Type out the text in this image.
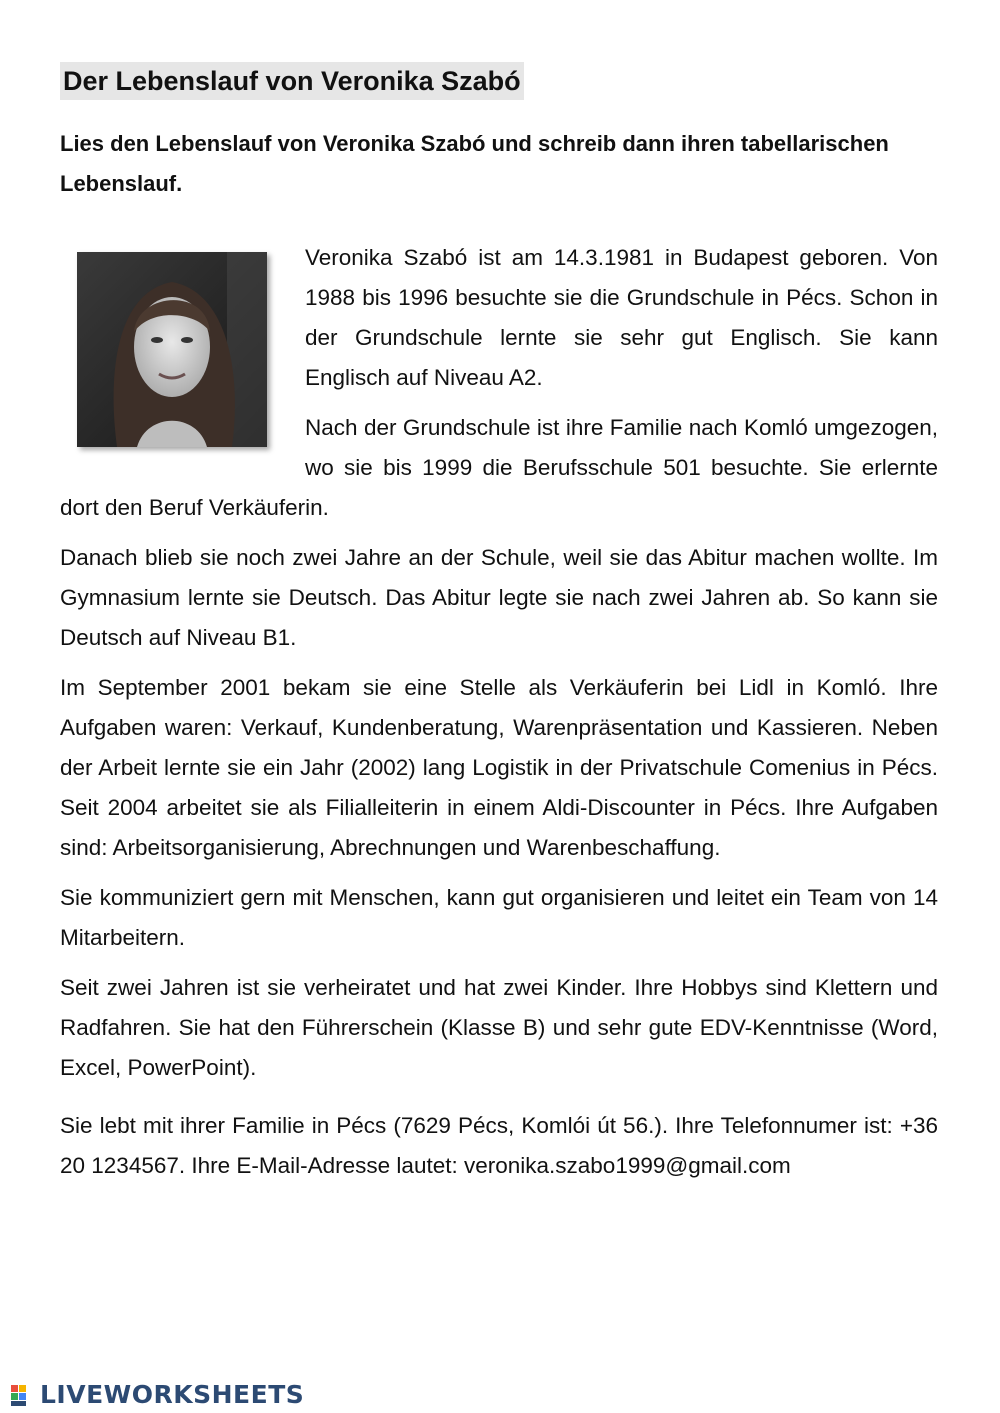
Der Lebenslauf von Veronika Szabó
Lies den Lebenslauf von Veronika Szabó und schreib dann ihren tabellarischen Lebenslauf.

Veronika Szabó ist am 14.3.1981 in Budapest geboren. Von 1988 bis 1996 besuchte sie die Grundschule in Pécs. Schon in der Grundschule lernte sie sehr gut Englisch. Sie kann Englisch auf Niveau A2.

Nach der Grundschule ist ihre Familie nach Komló umgezogen, wo sie bis 1999 die Berufsschule 501 besuchte. Sie erlernte dort den Beruf Verkäuferin.

Danach blieb sie noch zwei Jahre an der Schule, weil sie das Abitur machen wollte. Im Gymnasium lernte sie Deutsch. Das Abitur legte sie nach zwei Jahren ab. So kann sie Deutsch auf Niveau B1.

Im September 2001 bekam sie eine Stelle als Verkäuferin bei Lidl in Komló. Ihre Aufgaben waren: Verkauf, Kundenberatung, Warenpräsentation und Kassieren. Neben der Arbeit lernte sie ein Jahr (2002) lang Logistik in der Privatschule Comenius in Pécs. Seit 2004 arbeitet sie als Filialleiterin in einem Aldi-Discounter in Pécs. Ihre Aufgaben sind: Arbeitsorganisierung, Abrechnungen und Warenbeschaffung.

Sie kommuniziert gern mit Menschen, kann gut organisieren und leitet ein Team von 14 Mitarbeitern.

Seit zwei Jahren ist sie verheiratet und hat zwei Kinder. Ihre Hobbys sind Klettern und Radfahren. Sie hat den Führerschein (Klasse B) und sehr gute EDV-Kenntnisse (Word, Excel, PowerPoint).

Sie lebt mit ihrer Familie in Pécs (7629 Pécs, Komlói út 56.). Ihre Telefonnumer ist: +36 20 1234567. Ihre E-Mail-Adresse lautet: veronika.szabo1999@gmail.com

LIVEWORKSHEETS
